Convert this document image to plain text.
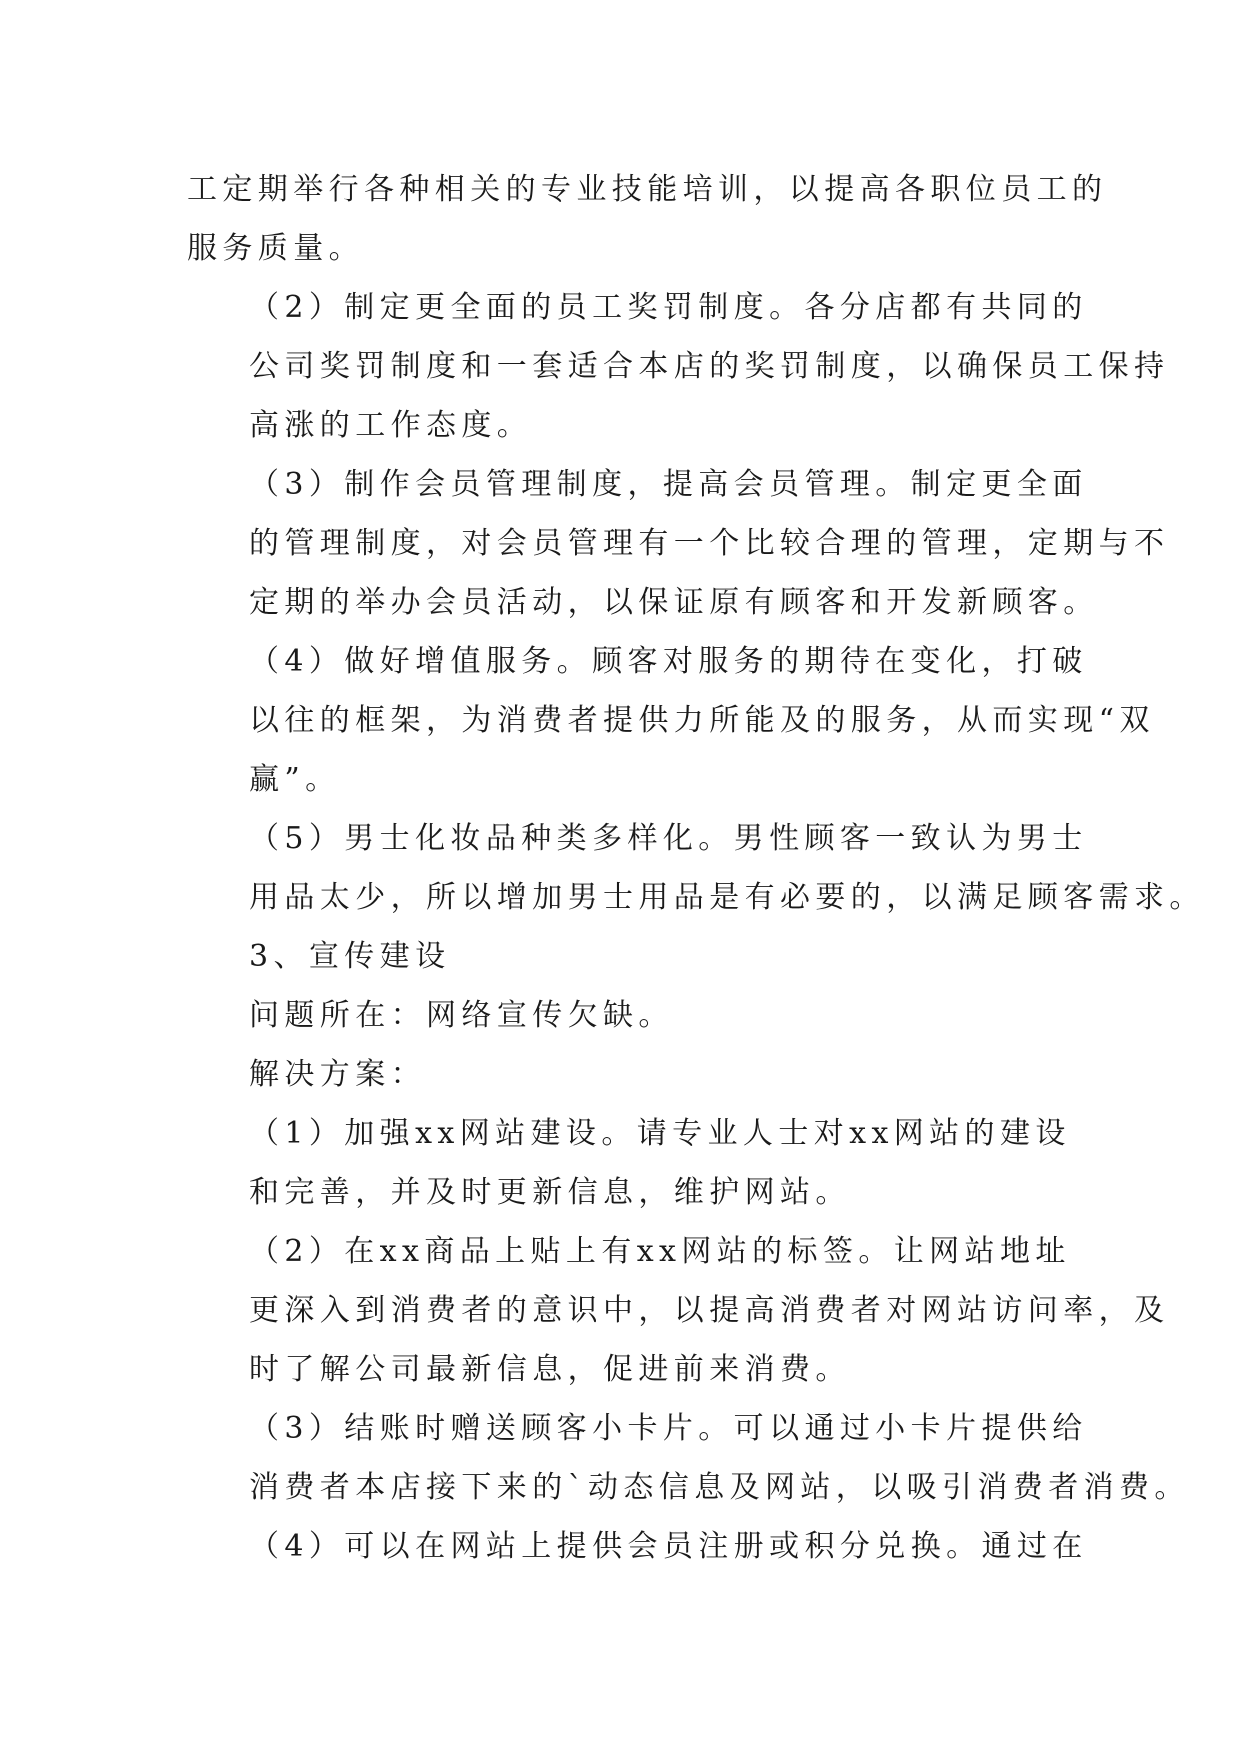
工定期举行各种相关的专业技能培训，以提高各职位员工的
服务质量。

（2）制定更全面的员工奖罚制度。各分店都有共同的
公司奖罚制度和一套适合本店的奖罚制度，以确保员工保持
高涨的工作态度。

（3）制作会员管理制度，提高会员管理。制定更全面
的管理制度，对会员管理有一个比较合理的管理，定期与不
定期的举办会员活动，以保证原有顾客和开发新顾客。

（4）做好增值服务。顾客对服务的期待在变化，打破
以往的框架，为消费者提供力所能及的服务，从而实现“双
赢”。

（5）男士化妆品种类多样化。男性顾客一致认为男士
用品太少，所以增加男士用品是有必要的，以满足顾客需求。

3、宣传建设

问题所在：网络宣传欠缺。

解决方案：

（1）加强xx网站建设。请专业人士对xx网站的建设
和完善，并及时更新信息，维护网站。

（2）在xx商品上贴上有xx网站的标签。让网站地址
更深入到消费者的意识中，以提高消费者对网站访问率，及
时了解公司最新信息，促进前来消费。

（3）结账时赠送顾客小卡片。可以通过小卡片提供给
消费者本店接下来的`动态信息及网站，以吸引消费者消费。

（4）可以在网站上提供会员注册或积分兑换。通过在
